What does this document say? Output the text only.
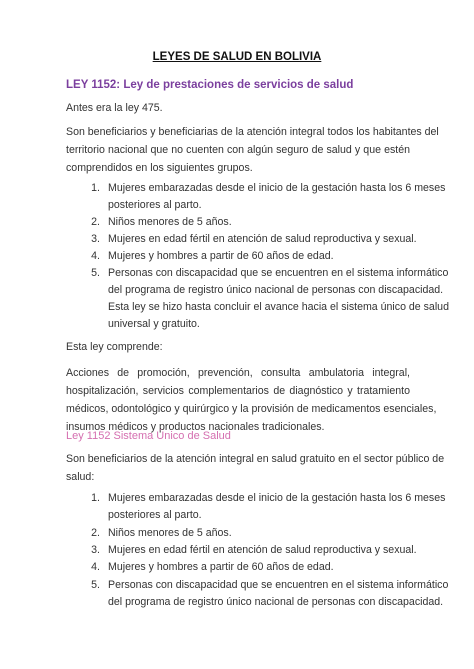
LEYES DE SALUD EN BOLIVIA
LEY 1152: Ley de prestaciones de servicios de salud
Antes era la ley 475.
Son beneficiarios y beneficiarias de la atención integral todos los habitantes del
territorio nacional que no cuenten con algún seguro de salud y que estén
comprendidos en los siguientes grupos.
1. Mujeres embarazadas desde el inicio de la gestación hasta los 6 meses
posteriores al parto.
2. Niños menores de 5 años.
3. Mujeres en edad fértil en atención de salud reproductiva y sexual.
4. Mujeres y hombres a partir de 60 años de edad.
5. Personas con discapacidad que se encuentren en el sistema informático
del programa de registro único nacional de personas con discapacidad.
Esta ley se hizo hasta concluir el avance hacia el sistema único de salud
universal y gratuito.
Esta ley comprende:
Acciones de promoción, prevención, consulta ambulatoria integral,
hospitalización, servicios complementarios de diagnóstico y tratamiento
médicos, odontológico y quirúrgico y la provisión de medicamentos esenciales,
insumos médicos y productos nacionales tradicionales.
Ley 1152 Sistema Único de Salud
Son beneficiarios de la atención integral en salud gratuito en el sector público de
salud:
1. Mujeres embarazadas desde el inicio de la gestación hasta los 6 meses
posteriores al parto.
2. Niños menores de 5 años.
3. Mujeres en edad fértil en atención de salud reproductiva y sexual.
4. Mujeres y hombres a partir de 60 años de edad.
5. Personas con discapacidad que se encuentren en el sistema informático
del programa de registro único nacional de personas con discapacidad.
